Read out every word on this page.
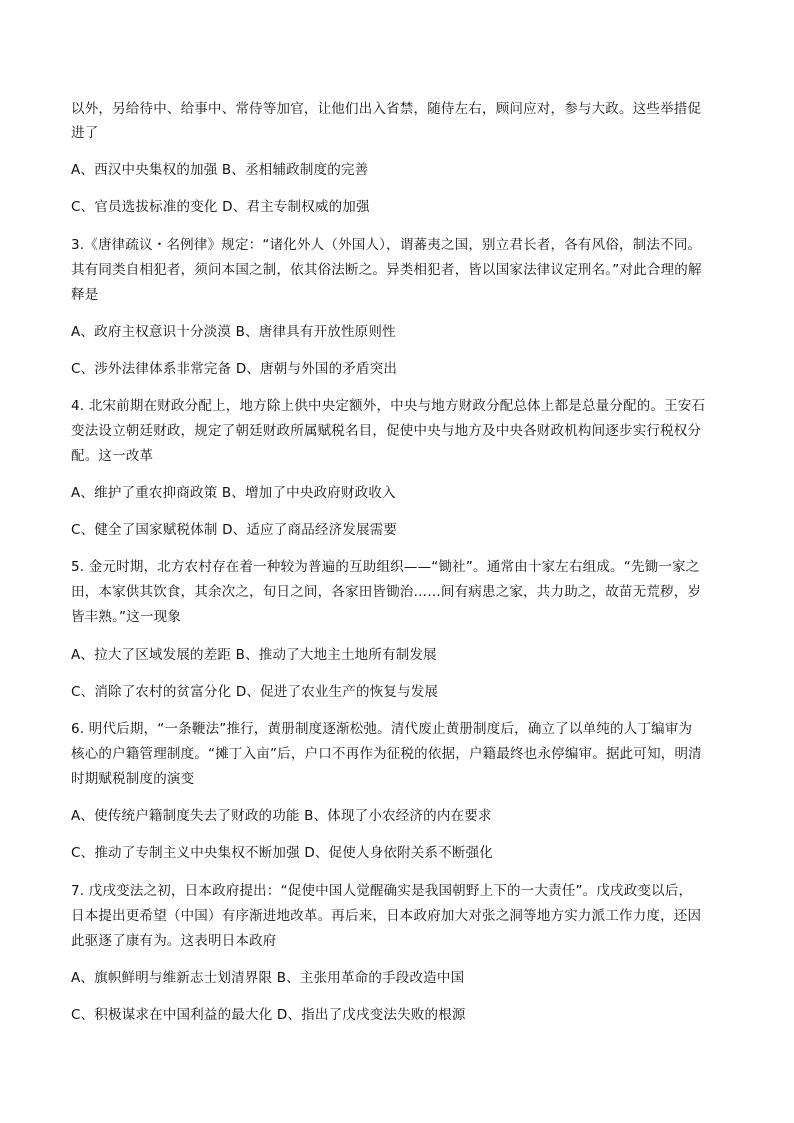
以外，另给待中、给事中、常侍等加官，让他们出入省禁，随侍左右，顾问应对，参与大政。这些举措促
进了
A、西汉中央集权的加强 B、丞相辅政制度的完善
C、官员选拔标准的变化 D、君主专制权威的加强
3.《唐律疏议・名例律》规定：“诸化外人（外国人），谓蕃夷之国，别立君长者，各有风俗，制法不同。
其有同类自相犯者，须问本国之制，依其俗法断之。异类相犯者，皆以国家法律议定刑名。”对此合理的解
释是
A、政府主权意识十分淡漠 B、唐律具有开放性原则性
C、涉外法律体系非常完备 D、唐朝与外国的矛盾突出
4. 北宋前期在财政分配上，地方除上供中央定额外，中央与地方财政分配总体上都是总量分配的。王安石
变法设立朝廷财政，规定了朝廷财政所属赋税名目，促使中央与地方及中央各财政机构间逐步实行税权分
配。这一改革
A、维护了重农抑商政策 B、增加了中央政府财政收入
C、健全了国家赋税体制 D、适应了商品经济发展需要
5. 金元时期，北方农村存在着一种较为普遍的互助组织——“锄社”。通常由十家左右组成。“先锄一家之
田，本家供其饮食，其余次之，旬日之间，各家田皆锄治……间有病患之家，共力助之，故苗无荒秽，岁
皆丰熟。”这一现象
A、拉大了区域发展的差距 B、推动了大地主土地所有制发展
C、消除了农村的贫富分化 D、促进了农业生产的恢复与发展
6. 明代后期，“一条鞭法”推行，黄册制度逐渐松弛。清代废止黄册制度后，确立了以单纯的人丁编审为
核心的户籍管理制度。“摊丁入亩”后，户口不再作为征税的依据，户籍最终也永停编审。据此可知，明清
时期赋税制度的演变
A、使传统户籍制度失去了财政的功能 B、体现了小农经济的内在要求
C、推动了专制主义中央集权不断加强 D、促使人身依附关系不断强化
7. 戊戌变法之初，日本政府提出：“促使中国人觉醒确实是我国朝野上下的一大责任”。戊戌政变以后，
日本提出更希望（中国）有序渐进地改革。再后来，日本政府加大对张之洞等地方实力派工作力度，还因
此驱逐了康有为。这表明日本政府
A、旗帜鲜明与维新志士划清界限 B、主张用革命的手段改造中国
C、积极谋求在中国利益的最大化 D、指出了戊戌变法失败的根源
